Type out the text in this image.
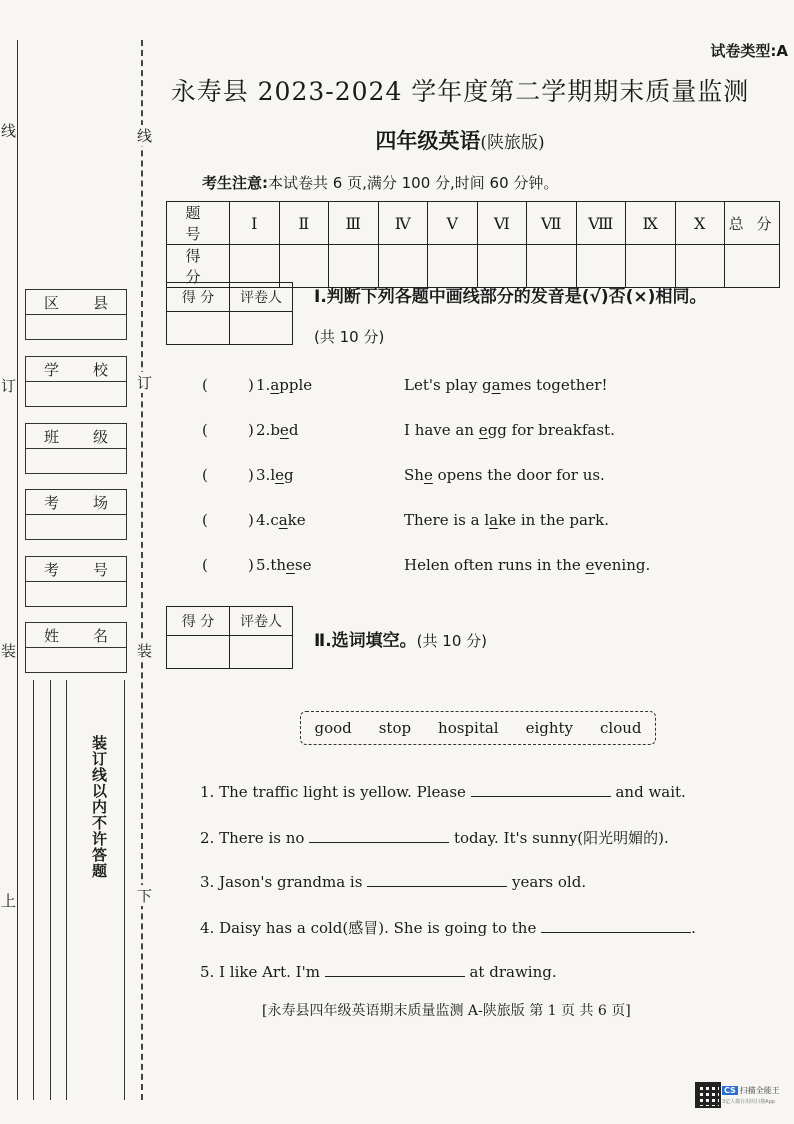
试卷类型:A
永寿县 2023-2024 学年度第二学期期末质量监测
四年级英语(陕旅版)
考生注意:本试卷共 6 页,满分 100 分,时间 60 分钟。
题 号	Ⅰ	Ⅱ	Ⅲ	Ⅳ	Ⅴ	Ⅵ	Ⅶ	Ⅷ	Ⅸ	Ⅹ	总 分
得 分											
得 分	评卷人
	Ⅰ.判断下列各题中画线部分的发音是(√)否(×)相同。
(共 10 分)
(	) 1.apple	Let's play games together!
(	) 2.bed	I have an egg for breakfast.
(	) 3.leg	She opens the door for us.
(	) 4.cake	There is a lake in the park.
(	) 5.these	Helen often runs in the evening.
得 分	评卷人

Ⅱ.选词填空。(共 10 分)
good stop hospital eighty cloud
1. The traffic light is yellow. Please	and wait.
2. There is no	today. It's sunny(阳光明媚的).
3. Jason's grandma is	years old.
4. Daisy has a cold(感冒). She is going to the	.
5. I like Art. I'm	at drawing.
[永寿县四年级英语期末质量监测 A-陕旅版 第 1 页 共 6 页]
线
订
装
上
线
订
装
下
区 县
学 校
班 级
考 场
考 号
姓 名
装订线以内不许答题
CS 扫描全能王
3亿人都在用的扫描App
